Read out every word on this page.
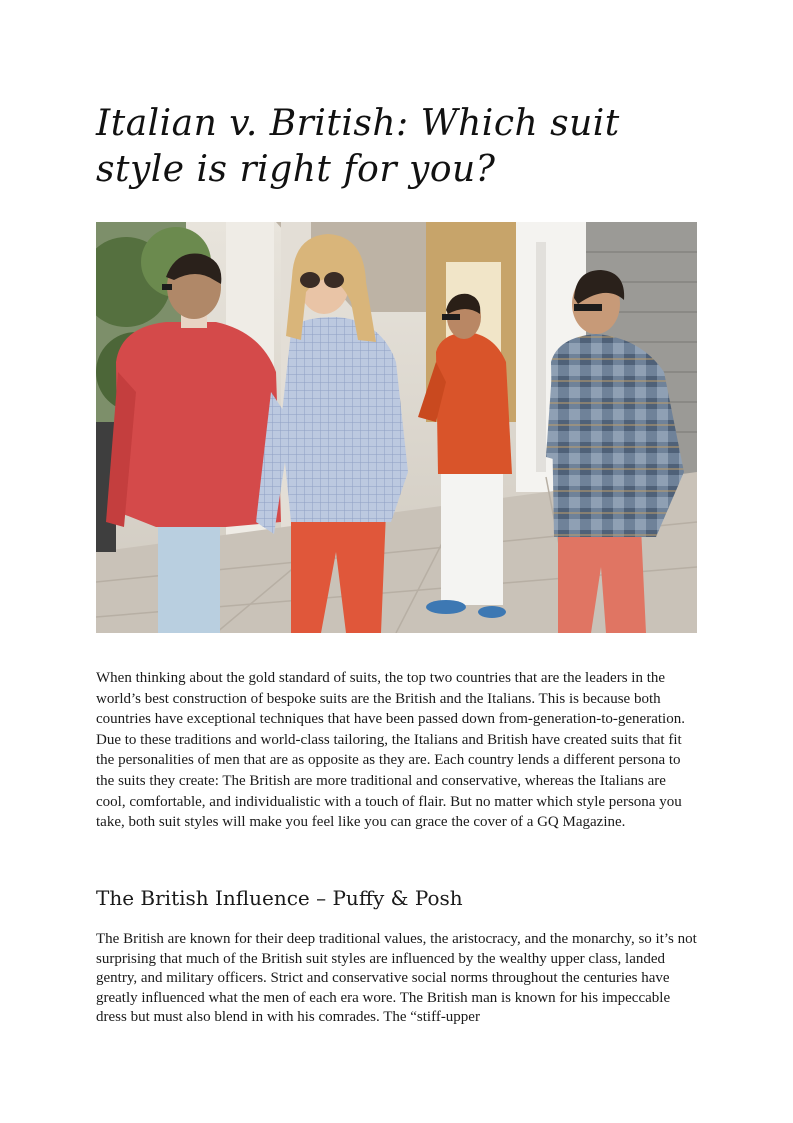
Italian v. British: Which suit
style is right for you?

When thinking about the gold standard of suits, the top two countries that are the leaders in the world’s best construction of bespoke suits are the British and the Italians. This is because both countries have exceptional techniques that have been passed down from-generation-to-generation. Due to these traditions and world-class tailoring, the Italians and British have created suits that fit the personalities of men that are as opposite as they are. Each country lends a different persona to the suits they create: The British are more traditional and conservative, whereas the Italians are cool, comfortable, and individualistic with a touch of flair. But no matter which style persona you take, both suit styles will make you feel like you can grace the cover of a GQ Magazine.

The British Influence – Puffy & Posh

The British are known for their deep traditional values, the aristocracy, and the monarchy, so it’s not surprising that much of the British suit styles are influenced by the wealthy upper class, landed gentry, and military officers. Strict and conservative social norms throughout the centuries have greatly influenced what the men of each era wore. The British man is known for his impeccable dress but must also blend in with his comrades. The “stiff-upper
